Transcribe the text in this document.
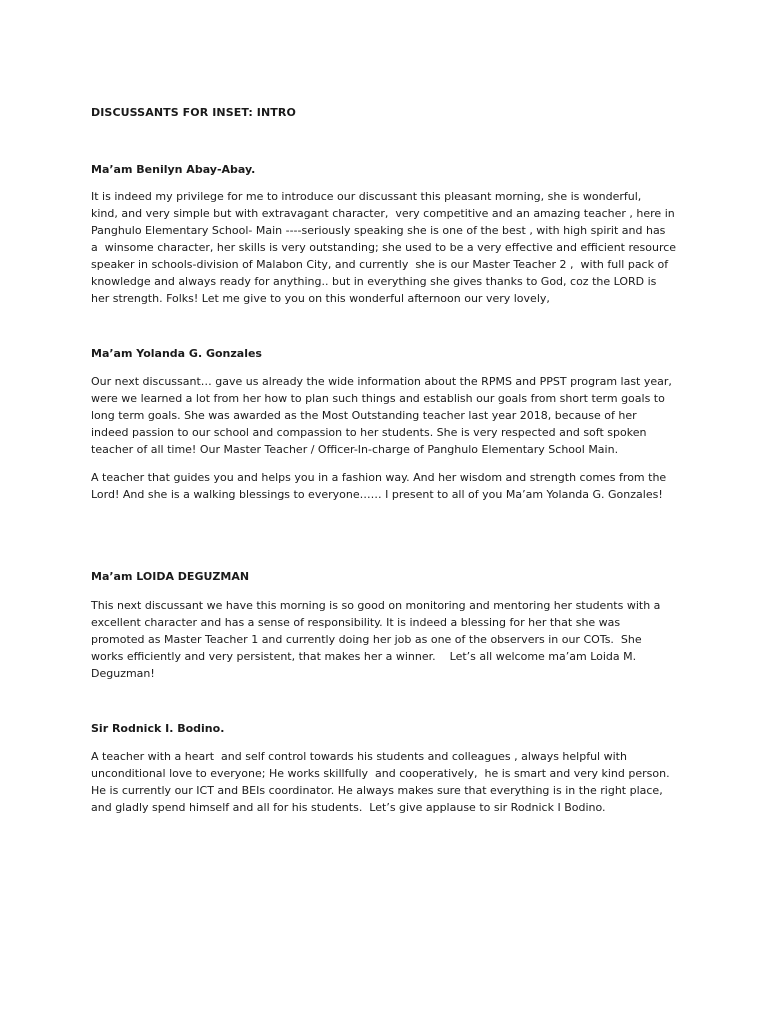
DISCUSSANTS FOR INSET: INTRO
Ma’am Benilyn Abay-Abay.
It is indeed my privilege for me to introduce our discussant this pleasant morning, she is wonderful,
kind, and very simple but with extravagant character,  very competitive and an amazing teacher , here in
Panghulo Elementary School- Main ----seriously speaking she is one of the best , with high spirit and has
a  winsome character, her skills is very outstanding; she used to be a very effective and efficient resource
speaker in schools-division of Malabon City, and currently  she is our Master Teacher 2 ,  with full pack of
knowledge and always ready for anything.. but in everything she gives thanks to God, coz the LORD is
her strength. Folks! Let me give to you on this wonderful afternoon our very lovely,
Ma’am Yolanda G. Gonzales
Our next discussant… gave us already the wide information about the RPMS and PPST program last year,
were we learned a lot from her how to plan such things and establish our goals from short term goals to
long term goals. She was awarded as the Most Outstanding teacher last year 2018, because of her
indeed passion to our school and compassion to her students. She is very respected and soft spoken
teacher of all time! Our Master Teacher / Officer-In-charge of Panghulo Elementary School Main.
A teacher that guides you and helps you in a fashion way. And her wisdom and strength comes from the
Lord! And she is a walking blessings to everyone…… I present to all of you Ma’am Yolanda G. Gonzales!
Ma’am LOIDA DEGUZMAN
This next discussant we have this morning is so good on monitoring and mentoring her students with a
excellent character and has a sense of responsibility. It is indeed a blessing for her that she was
promoted as Master Teacher 1 and currently doing her job as one of the observers in our COTs.  She
works efficiently and very persistent, that makes her a winner.    Let’s all welcome ma’am Loida M.
Deguzman!
Sir Rodnick I. Bodino.
A teacher with a heart  and self control towards his students and colleagues , always helpful with
unconditional love to everyone; He works skillfully  and cooperatively,  he is smart and very kind person.
He is currently our ICT and BEIs coordinator. He always makes sure that everything is in the right place,
and gladly spend himself and all for his students.  Let’s give applause to sir Rodnick I Bodino.
